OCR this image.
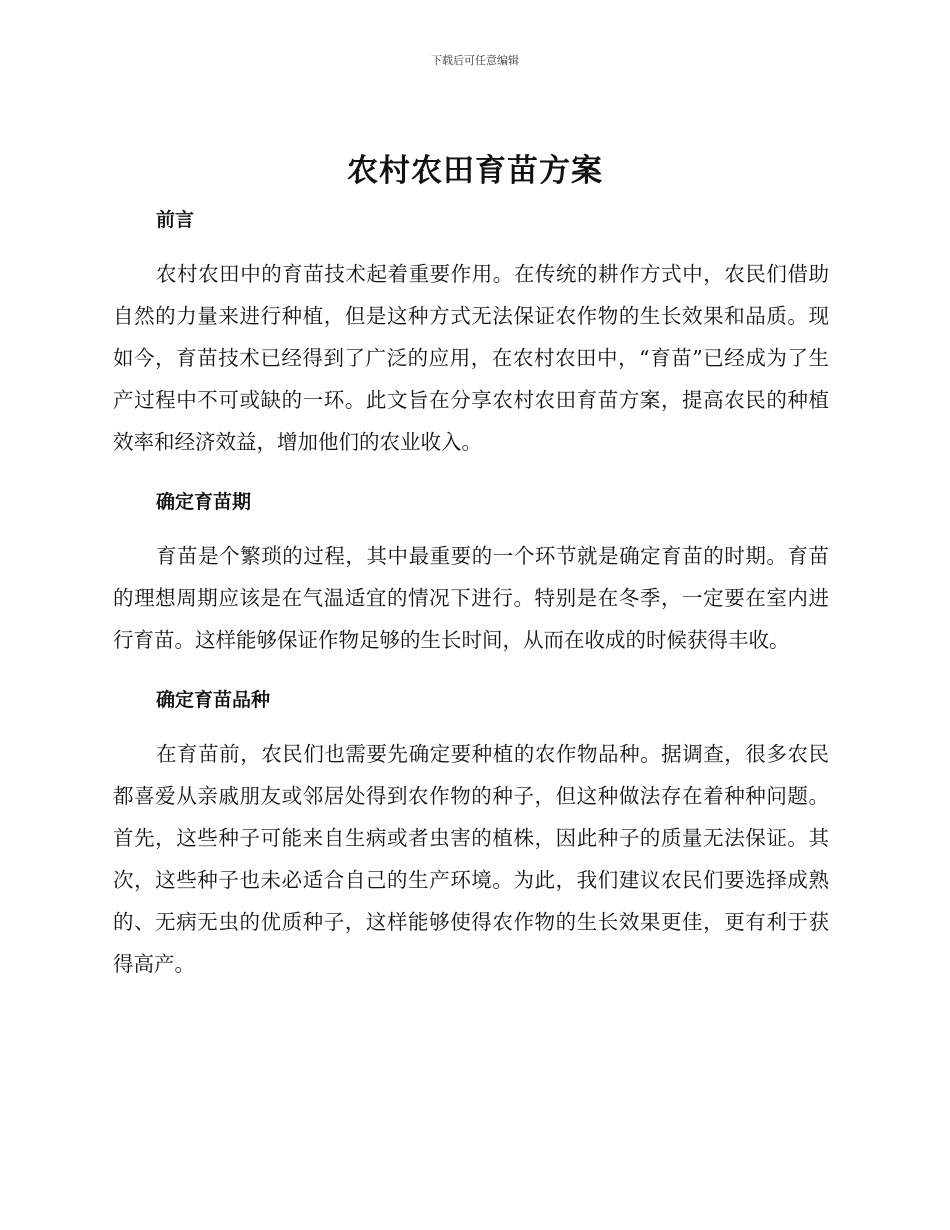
下载后可任意编辑
农村农田育苗方案
前言

农村农田中的育苗技术起着重要作用。在传统的耕作方式中，农民们借助自然的力量来进行种植，但是这种方式无法保证农作物的生长效果和品质。现如今，育苗技术已经得到了广泛的应用，在农村农田中，“育苗”已经成为了生产过程中不可或缺的一环。此文旨在分享农村农田育苗方案，提高农民的种植效率和经济效益，增加他们的农业收入。

确定育苗期

育苗是个繁琐的过程，其中最重要的一个环节就是确定育苗的时期。育苗的理想周期应该是在气温适宜的情况下进行。特别是在冬季，一定要在室内进行育苗。这样能够保证作物足够的生长时间，从而在收成的时候获得丰收。

确定育苗品种

在育苗前，农民们也需要先确定要种植的农作物品种。据调查，很多农民都喜爱从亲戚朋友或邻居处得到农作物的种子，但这种做法存在着种种问题。首先，这些种子可能来自生病或者虫害的植株，因此种子的质量无法保证。其次，这些种子也未必适合自己的生产环境。为此，我们建议农民们要选择成熟的、无病无虫的优质种子，这样能够使得农作物的生长效果更佳，更有利于获得高产。
